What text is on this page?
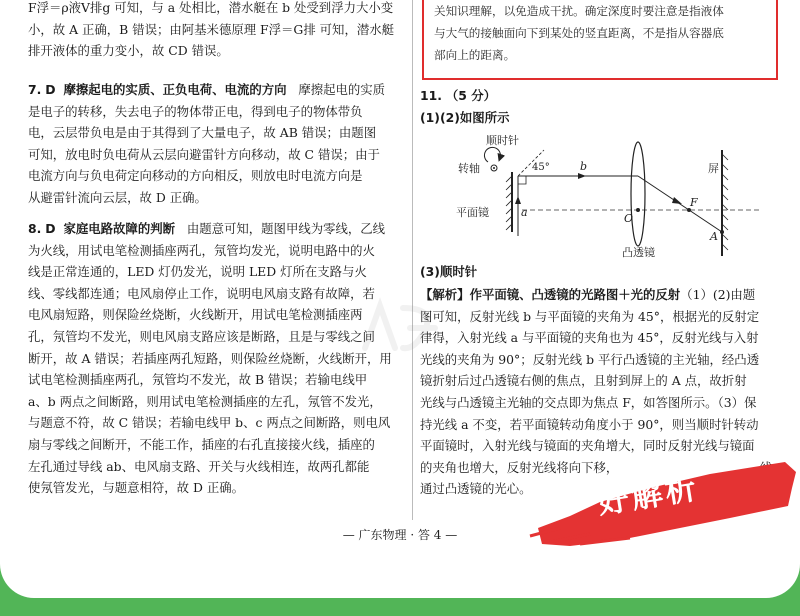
F浮＝ρ液V排g 可知，与 a 处相比，潜水艇在 b 处受到浮力大小变
小，故 A 正确，B 错误；由阿基米德原理 F浮＝G排 可知，潜水艇
排开液体的重力变小，故 CD 错误。
7. D 摩擦起电的实质、正负电荷、电流的方向 摩擦起电的实质
是电子的转移，失去电子的物体带正电，得到电子的物体带负
电，云层带负电是由于其得到了大量电子，故 AB 错误；由题图
可知，放电时负电荷从云层向避雷针方向移动，故 C 错误；由于
电流方向与负电荷定向移动的方向相反，则放电时电流方向是
从避雷针流向云层，故 D 正确。
8. D 家庭电路故障的判断 由题意可知，题图甲线为零线，乙线
为火线，用试电笔检测插座两孔，氖管均发光，说明电路中的火
线是正常连通的，LED 灯仍发光，说明 LED 灯所在支路与火
线、零线都连通；电风扇停止工作，说明电风扇支路有故障，若
电风扇短路，则保险丝烧断，火线断开，用试电笔检测插座两
孔，氖管均不发光，则电风扇支路应该是断路，且是与零线之间
断开，故 A 错误；若插座两孔短路，则保险丝烧断，火线断开，用
试电笔检测插座两孔，氖管均不发光，故 B 错误；若输电线甲
a、b 两点之间断路，则用试电笔检测插座的左孔，氖管不发光，
与题意不符，故 C 错误；若输电线甲 b、c 两点之间断路，则电风
扇与零线之间断开，不能工作，插座的右孔直接接火线，插座的
左孔通过导线 ab、电风扇支路、开关与火线相连，故两孔都能
使氖管发光，与题意相符，故 D 正确。
关知识理解，以免造成干扰。确定深度时要注意是指液体
与大气的接触面向下到某处的竖直距离，不是指从容器底
部向上的距离。
11. （5 分）
(1)(2)如图所示
顺时针
转轴	45°	b	屏
平面镜	a	O
F
A
凸透镜
(3)顺时针
【解析】作平面镜、凸透镜的光路图＋光的反射（1）(2)由题
图可知，反射光线 b 与平面镜的夹角为 45°，根据光的反射定
律得，入射光线 a 与平面镜的夹角也为 45°，反射光线与入射
光线的夹角为 90°；反射光线 b 平行凸透镜的主光轴，经凸透
镜折射后过凸透镜右侧的焦点，且射到屏上的 A 点，故折射
光线与凸透镜主光轴的交点即为焦点 F，如答图所示。（3）保
持光线 a 不变，若平面镜转动角度小于 90°，则当顺时针转动
平面镜时，入射光线与镜面的夹角增大，同时反射光线与镜面
的夹角也增大，反射光线将向下移，
通过凸透镜的光心。
— 广东物理 · 答 4 —
好解析
